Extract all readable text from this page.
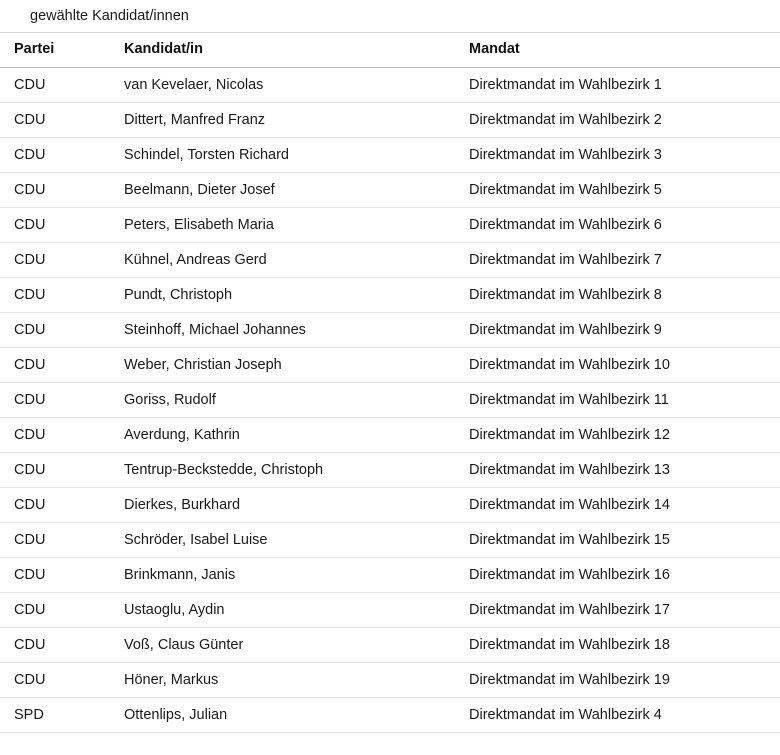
gewählte Kandidat/innen
Partei	Kandidat/in	Mandat
CDU	van Kevelaer, Nicolas	Direktmandat im Wahlbezirk 1
CDU	Dittert, Manfred Franz	Direktmandat im Wahlbezirk 2
CDU	Schindel, Torsten Richard	Direktmandat im Wahlbezirk 3
CDU	Beelmann, Dieter Josef	Direktmandat im Wahlbezirk 5
CDU	Peters, Elisabeth Maria	Direktmandat im Wahlbezirk 6
CDU	Kühnel, Andreas Gerd	Direktmandat im Wahlbezirk 7
CDU	Pundt, Christoph	Direktmandat im Wahlbezirk 8
CDU	Steinhoff, Michael Johannes	Direktmandat im Wahlbezirk 9
CDU	Weber, Christian Joseph	Direktmandat im Wahlbezirk 10
CDU	Goriss, Rudolf	Direktmandat im Wahlbezirk 11
CDU	Averdung, Kathrin	Direktmandat im Wahlbezirk 12
CDU	Tentrup-Beckstedde, Christoph	Direktmandat im Wahlbezirk 13
CDU	Dierkes, Burkhard	Direktmandat im Wahlbezirk 14
CDU	Schröder, Isabel Luise	Direktmandat im Wahlbezirk 15
CDU	Brinkmann, Janis	Direktmandat im Wahlbezirk 16
CDU	Ustaoglu, Aydin	Direktmandat im Wahlbezirk 17
CDU	Voß, Claus Günter	Direktmandat im Wahlbezirk 18
CDU	Höner, Markus	Direktmandat im Wahlbezirk 19
SPD	Ottenlips, Julian	Direktmandat im Wahlbezirk 4
